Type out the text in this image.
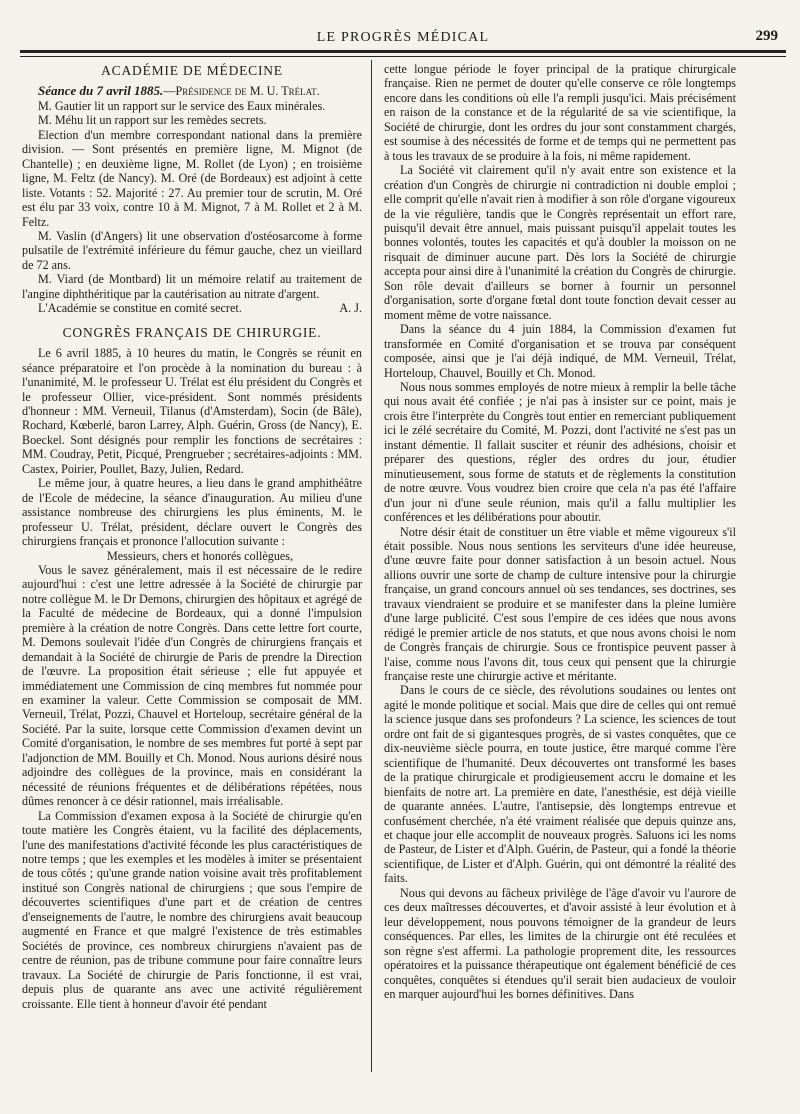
LE PROGRÈS MÉDICAL	299
ACADÉMIE DE MÉDECINE

Séance du 7 avril 1885.—Présidence de M. U. Trélat.

M. Gautier lit un rapport sur le service des Eaux minérales.

M. Méhu lit un rapport sur les remèdes secrets.

Election d'un membre correspondant national dans la première division. — Sont présentés en première ligne, M. Mignot (de Chantelle) ; en deuxième ligne, M. Rollet (de Lyon) ; en troisième ligne, M. Feltz (de Nancy). M. Oré (de Bordeaux) est adjoint à cette liste. Votants : 52. Majorité : 27. Au premier tour de scrutin, M. Oré est élu par 33 voix, contre 10 à M. Mignot, 7 à M. Rollet et 2 à M. Feltz.

M. Vaslin (d'Angers) lit une observation d'ostéosarcome à forme pulsatile de l'extrémité inférieure du fémur gauche, chez un vieillard de 72 ans.

M. Viard (de Montbard) lit un mémoire relatif au traitement de l'angine diphthéritique par la cautérisation au nitrate d'argent.

L'Académie se constitue en comité secret.	A. J.

CONGRÈS FRANÇAIS DE CHIRURGIE.

Le 6 avril 1885, à 10 heures du matin, le Congrès se réunit en séance préparatoire et l'on procède à la nomination du bureau : à l'unanimité, M. le professeur U. Trélat est élu président du Congrès et le professeur Ollier, vice-président. Sont nommés présidents d'honneur : MM. Verneuil, Tilanus (d'Amsterdam), Socin (de Bâle), Rochard, Kœberlé, baron Larrey, Alph. Guérin, Gross (de Nancy), E. Boeckel. Sont désignés pour remplir les fonctions de secrétaires : MM. Coudray, Petit, Picqué, Prengrueber ; secrétaires-adjoints : MM. Castex, Poirier, Poullet, Bazy, Julien, Redard.

Le même jour, à quatre heures, a lieu dans le grand amphithéâtre de l'Ecole de médecine, la séance d'inauguration. Au milieu d'une assistance nombreuse des chirurgiens les plus éminents, M. le professeur U. Trélat, président, déclare ouvert le Congrès des chirurgiens français et prononce l'allocution suivante :

Messieurs, chers et honorés collègues,

Vous le savez généralement, mais il est nécessaire de le redire aujourd'hui : c'est une lettre adressée à la Société de chirurgie par notre collègue M. le Dr Demons, chirurgien des hôpitaux et agrégé de la Faculté de médecine de Bordeaux, qui a donné l'impulsion première à la création de notre Congrès. Dans cette lettre fort courte, M. Demons soulevait l'idée d'un Congrès de chirurgiens français et demandait à la Société de chirurgie de Paris de prendre la Direction de l'œuvre. La proposition était sérieuse ; elle fut appuyée et immédiatement une Commission de cinq membres fut nommée pour en examiner la valeur. Cette Commission se composait de MM. Verneuil, Trélat, Pozzi, Chauvel et Horteloup, secrétaire général de la Société. Par la suite, lorsque cette Commission d'examen devint un Comité d'organisation, le nombre de ses membres fut porté à sept par l'adjonction de MM. Bouilly et Ch. Monod. Nous aurions désiré nous adjoindre des collègues de la province, mais en considérant la nécessité de réunions fréquentes et de délibérations répétées, nous dûmes renoncer à ce désir rationnel, mais irréalisable.

La Commission d'examen exposa à la Société de chirurgie qu'en toute matière les Congrès étaient, vu la facilité des déplacements, l'une des manifestations d'activité féconde les plus caractéristiques de notre temps ; que les exemples et les modèles à imiter se présentaient de tous côtés ; qu'une grande nation voisine avait très profitablement institué son Congrès national de chirurgiens ; que sous l'empire de découvertes scientifiques d'une part et de création de centres d'enseignements de l'autre, le nombre des chirurgiens avait beaucoup augmenté en France et que malgré l'existence de très estimables Sociétés de province, ces nombreux chirurgiens n'avaient pas de centre de réunion, pas de tribune commune pour faire connaître leurs travaux. La Société de chirurgie de Paris fonctionne, il est vrai, depuis plus de quarante ans avec une activité régulièrement croissante. Elle tient à honneur d'avoir été pendant

cette longue période le foyer principal de la pratique chirurgicale française. Rien ne permet de douter qu'elle conserve ce rôle longtemps encore dans les conditions où elle l'a rempli jusqu'ici. Mais précisément en raison de la constance et de la régularité de sa vie scientifique, la Société de chirurgie, dont les ordres du jour sont constamment chargés, est soumise à des nécessités de forme et de temps qui ne permettent pas à tous les travaux de se produire à la fois, ni même rapidement.

La Société vit clairement qu'il n'y avait entre son existence et la création d'un Congrès de chirurgie ni contradiction ni double emploi ; elle comprit qu'elle n'avait rien à modifier à son rôle d'organe vigoureux de la vie régulière, tandis que le Congrès représentait un effort rare, puisqu'il devait être annuel, mais puissant puisqu'il appelait toutes les bonnes volontés, toutes les capacités et qu'à doubler la moisson on ne risquait de diminuer aucune part. Dès lors la Société de chirurgie accepta pour ainsi dire à l'unanimité la création du Congrès de chirurgie. Son rôle devait d'ailleurs se borner à fournir un personnel d'organisation, sorte d'organe fœtal dont toute fonction devait cesser au moment même de votre naissance.

Dans la séance du 4 juin 1884, la Commission d'examen fut transformée en Comité d'organisation et se trouva par conséquent composée, ainsi que je l'ai déjà indiqué, de MM. Verneuil, Trélat, Horteloup, Chauvel, Bouilly et Ch. Monod.

Nous nous sommes employés de notre mieux à remplir la belle tâche qui nous avait été confiée ; je n'ai pas à insister sur ce point, mais je crois être l'interprète du Congrès tout entier en remerciant publiquement ici le zélé secrétaire du Comité, M. Pozzi, dont l'activité ne s'est pas un instant démentie. Il fallait susciter et réunir des adhésions, choisir et préparer des questions, régler des ordres du jour, étudier minutieusement, sous forme de statuts et de règlements la constitution de notre œuvre. Vous voudrez bien croire que cela n'a pas été l'affaire d'un jour ni d'une seule réunion, mais qu'il a fallu multiplier les conférences et les délibérations pour aboutir.

Notre désir était de constituer un être viable et même vigoureux s'il était possible. Nous nous sentions les serviteurs d'une idée heureuse, d'une œuvre faite pour donner satisfaction à un besoin actuel. Nous allions ouvrir une sorte de champ de culture intensive pour la chirurgie française, un grand concours annuel où ses tendances, ses doctrines, ses travaux viendraient se produire et se manifester dans la pleine lumière d'une large publicité. C'est sous l'empire de ces idées que nous avons rédigé le premier article de nos statuts, et que nous avons choisi le nom de Congrès français de chirurgie. Sous ce frontispice peuvent passer à l'aise, comme nous l'avons dit, tous ceux qui pensent que la chirurgie française reste une chirurgie active et méritante.

Dans le cours de ce siècle, des révolutions soudaines ou lentes ont agité le monde politique et social. Mais que dire de celles qui ont remué la science jusque dans ses profondeurs ? La science, les sciences de tout ordre ont fait de si gigantesques progrès, de si vastes conquêtes, que ce dix-neuvième siècle pourra, en toute justice, être marqué comme l'ère scientifique de l'humanité. Deux découvertes ont transformé les bases de la pratique chirurgicale et prodigieusement accru le domaine et les bienfaits de notre art. La première en date, l'anesthésie, est déjà vieille de quarante années. L'autre, l'antisepsie, dès longtemps entrevue et confusément cherchée, n'a été vraiment réalisée que depuis quinze ans, et chaque jour elle accomplit de nouveaux progrès. Saluons ici les noms de Pasteur, de Lister et d'Alph. Guérin, de Pasteur, qui a fondé la théorie scientifique, de Lister et d'Alph. Guérin, qui ont démontré la réalité des faits.

Nous qui devons au fâcheux privilège de l'âge d'avoir vu l'aurore de ces deux maîtresses découvertes, et d'avoir assisté à leur évolution et à leur développement, nous pouvons témoigner de la grandeur de leurs conséquences. Par elles, les limites de la chirurgie ont été reculées et son règne s'est affermi. La pathologie proprement dite, les ressources opératoires et la puissance thérapeutique ont également bénéficié de ces conquêtes, conquêtes si étendues qu'il serait bien audacieux de vouloir en marquer aujourd'hui les bornes définitives. Dans
